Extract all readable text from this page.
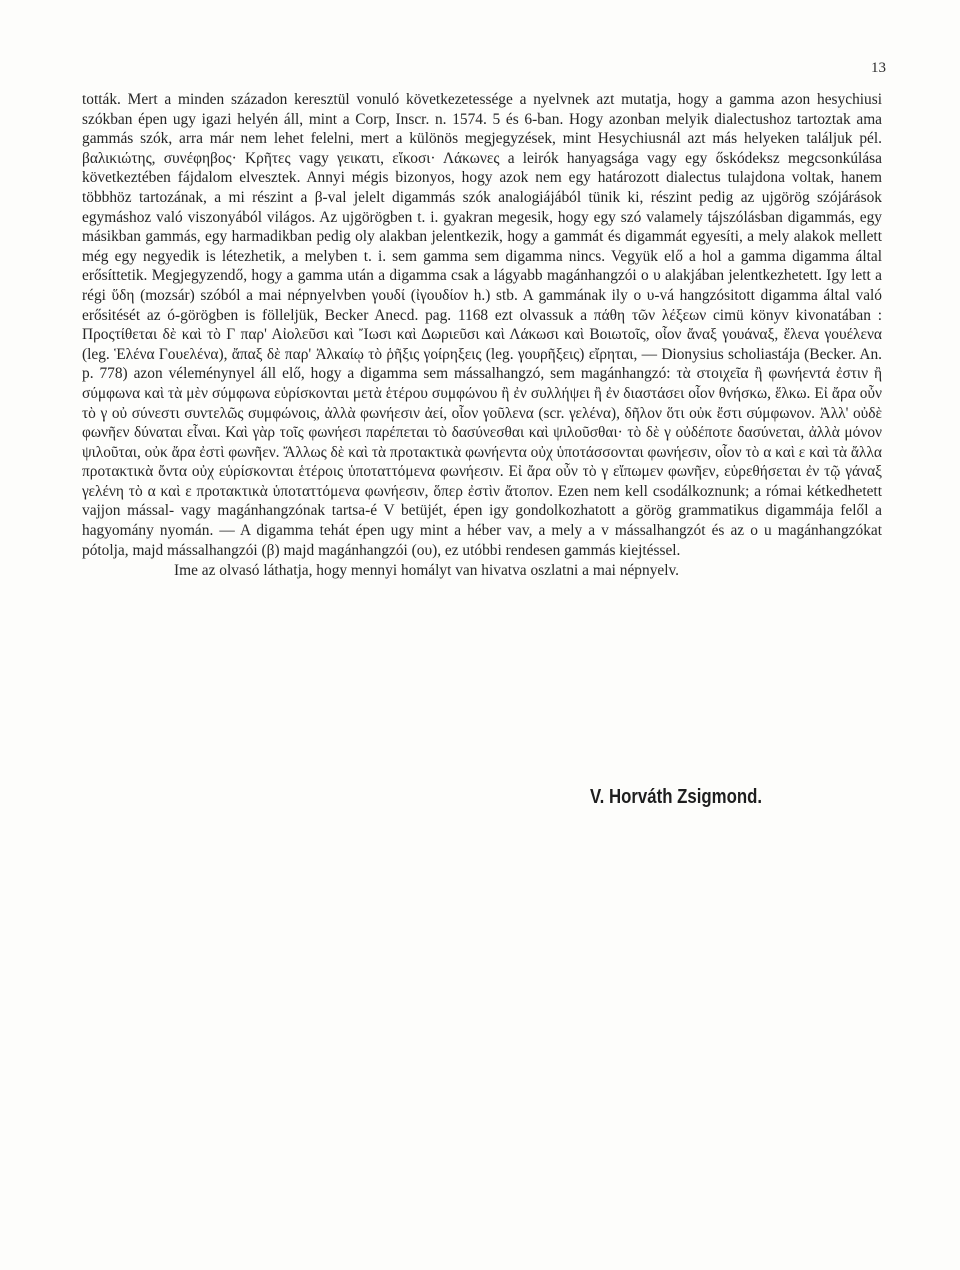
13

tották. Mert a minden századon keresztül vonuló következetessége a nyelvnek azt mutatja, hogy a gamma azon hesychiusi szókban épen ugy igazi helyén áll, mint a Corp, Inscr. n. 1574. 5 és 6-ban. Hogy azonban melyik dialectushoz tartoztak ama gammás szók, arra már nem lehet felelni, mert a különös megjegyzések, mint Hesychiusnál azt más helyeken találjuk pél. βαλικιώτης, συνέφηβος· Κρῆτες vagy γεικατι, εἴκοσι· Λάκωνες a leirók hanyagsága vagy egy őskódeksz megcsonkúlása következtében fájdalom elvesztek. Annyi mégis bizonyos, hogy azok nem egy határozott dialectus tulajdona voltak, hanem többhöz tartozának, a mi részint a β-val jelelt digammás szók analogiájából tünik ki, részint pedig az ujgörög szójárások egymáshoz való viszonyából világos. Az ujgörögben t. i. gyakran megesik, hogy egy szó valamely tájszólásban digammás, egy másikban gammás, egy harmadikban pedig oly alakban jelentkezik, hogy a gammát és digammát egyesíti, a mely alakok mellett még egy negyedik is létezhetik, a melyben t. i. sem gamma sem digamma nincs. Vegyük elő a hol a gamma digamma által erősíttetik. Megjegyzendő, hogy a gamma után a digamma csak a lágyabb magánhangzói ο υ alakjában jelentkezhetett. Igy lett a régi ὕδη (mozsár) szóból a mai népnyelvben γουδί (ἰγουδίον h.) stb. A gammának ily ο υ-vá hangzósitott digamma által való erősitését az ó-görögben is fölleljük, Becker Anecd. pag. 1168 ezt olvassuk a πάθη τῶν λέξεων cimü könyv kivonatában : Προςτίθεται δὲ καὶ τὸ Γ παρ' Αἰολεῦσι καὶ Ἴωσι καὶ Δωριεῦσι καὶ Λάκωσι καὶ Βοιωτοῖς, οἷον ἄναξ γουάναξ, ἔλενα γουέλενα (leg. Ἑλένα Γουελένα), ἄπαξ δὲ παρ' Ἀλκαίῳ τὸ ῥῆξις γοίρηξεις (leg. γουρῆξεις) εἴρηται, — Dionysius scholiastája (Becker. An. p. 778) azon véleménynyel áll elő, hogy a digamma sem mássalhangzó, sem magánhangzó: τὰ στοιχεῖα ἢ φωνήεντά ἐστιν ἢ σύμφωνα καὶ τὰ μὲν σύμφωνα εὑρίσκονται μετὰ ἑτέρου συμφώνου ἢ ἐν συλλήψει ἢ ἐν διαστάσει οἷον θνήσκω, ἕλκω. Εἰ ἄρα οὖν τὸ γ οὐ σύνεστι συντελῶς συμφώνοις, ἀλλὰ φωνήεσιν ἀεί, οἷον γοῦλενα (scr. γελένα), δῆλον ὅτι οὐκ ἔστι σύμφωνον. Ἀλλ' οὐδὲ φωνῆεν δύναται εἶναι. Καὶ γὰρ τοῖς φωνήεσι παρέπεται τὸ δασύνεσθαι καὶ ψιλοῦσθαι· τὸ δὲ γ οὐδέποτε δασύνεται, ἀλλὰ μόνον ψιλοῦται, οὐκ ἄρα ἐστὶ φωνῆεν. Ἄλλως δὲ καὶ τὰ προτακτικὰ φωνήεντα οὐχ ὑποτάσσονται φωνήεσιν, οἷον τὸ α καὶ ε καὶ τὰ ἄλλα προτακτικὰ ὄντα οὐχ εὑρίσκονται ἑτέροις ὑποταττόμενα φωνήεσιν. Εἰ ἄρα οὖν τὸ γ εἴπωμεν φωνῆεν, εὑρεθήσεται ἐν τῷ γάναξ γελένη τὸ α καὶ ε προτακτικὰ ὑποταττόμενα φωνήεσιν, ὅπερ ἐστὶν ἄτοπον. Ezen nem kell csodálkoznunk; a római kétkedhetett vajjon mással- vagy magánhangzónak tartsa-é V betüjét, épen igy gondolkozhatott a görög grammatikus digammája felől a hagyomány nyomán. — A digamma tehát épen ugy mint a héber vav, a mely a v mássalhangzót és az o u magánhangzókat pótolja, majd mássalhangzói (β) majd magánhangzói (ου), ez utóbbi rendesen gammás kiejtéssel.

Ime az olvasó láthatja, hogy mennyi homályt van hivatva oszlatni a mai népnyelv.

V. Horváth Zsigmond.
